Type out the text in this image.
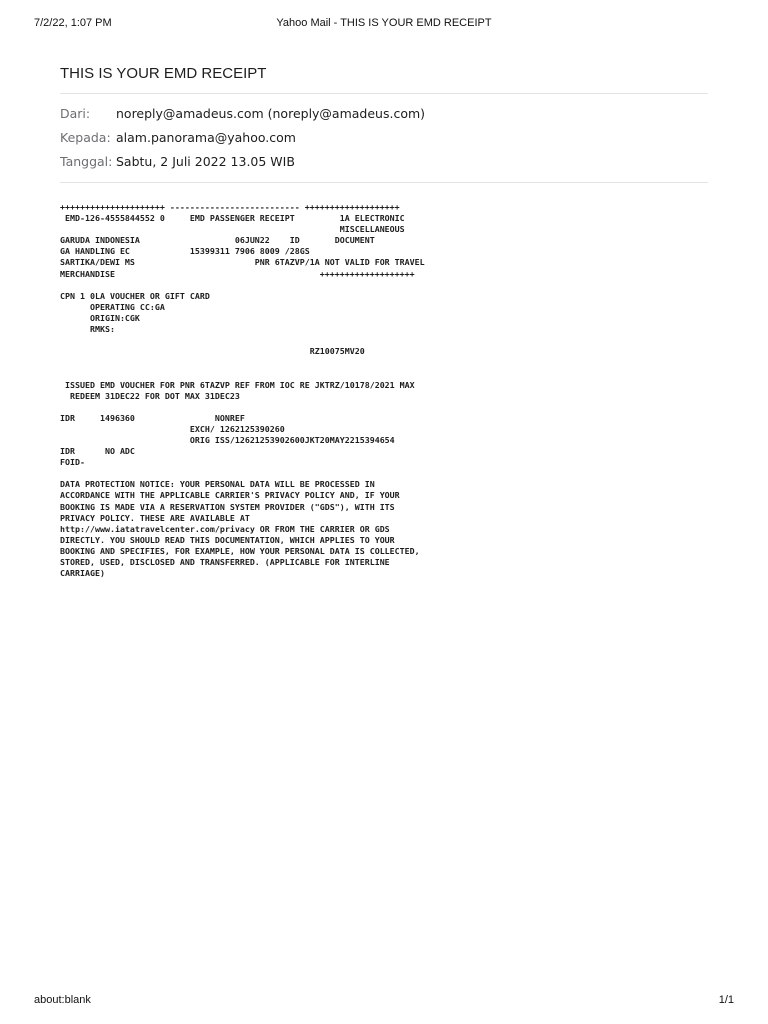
Yahoo Mail - THIS IS YOUR EMD RECEIPT
7/2/22, 1:07 PM
THIS IS YOUR EMD RECEIPT
Dari:	noreply@amadeus.com (noreply@amadeus.com)
Kepada: alam.panorama@yahoo.com
Tanggal: Sabtu, 2 Juli 2022 13.05 WIB
+++++++++++++++++++++ -------------------------- +++++++++++++++++++
EMD-126-4555844552 0     EMD PASSENGER RECEIPT         1A ELECTRONIC
MISCELLANEOUS
GARUDA INDONESIA                   06JUN22    ID       DOCUMENT
GA HANDLING EC            15399311 7906 8009 /28GS
SARTIKA/DEWI MS                        PNR 6TAZVP/1A NOT VALID FOR TRAVEL
MERCHANDISE                                         +++++++++++++++++++

CPN 1 0LA VOUCHER OR GIFT CARD
OPERATING CC:GA
ORIGIN:CGK
RMKS:

RZ10075MV20

ISSUED EMD VOUCHER FOR PNR 6TAZVP REF FROM IOC RE JKTRZ/10178/2021 MAX
REDEEM 31DEC22 FOR DOT MAX 31DEC23

IDR     1496360                NONREF
EXCH/ 1262125390260
ORIG ISS/12621253902600JKT20MAY2215394654
IDR      NO ADC
FOID-

DATA PROTECTION NOTICE: YOUR PERSONAL DATA WILL BE PROCESSED IN
ACCORDANCE WITH THE APPLICABLE CARRIER'S PRIVACY POLICY AND, IF YOUR
BOOKING IS MADE VIA A RESERVATION SYSTEM PROVIDER ("GDS"), WITH ITS
PRIVACY POLICY. THESE ARE AVAILABLE AT
http://www.iatatravelcenter.com/privacy OR FROM THE CARRIER OR GDS
DIRECTLY. YOU SHOULD READ THIS DOCUMENTATION, WHICH APPLIES TO YOUR
BOOKING AND SPECIFIES, FOR EXAMPLE, HOW YOUR PERSONAL DATA IS COLLECTED,
STORED, USED, DISCLOSED AND TRANSFERRED. (APPLICABLE FOR INTERLINE
CARRIAGE)
about:blank	1/1
